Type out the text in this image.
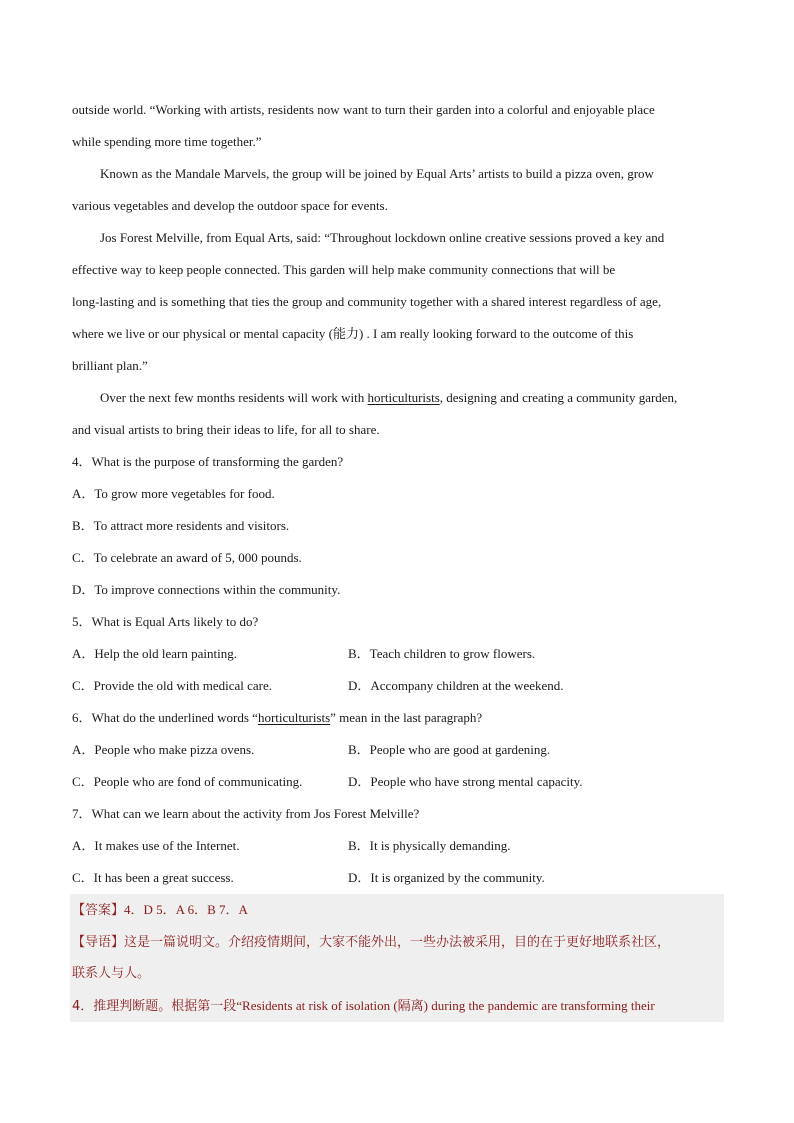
outside world. “Working with artists, residents now want to turn their garden into a colorful and enjoyable place
while spending more time together.”
Known as the Mandale Marvels, the group will be joined by Equal Arts’ artists to build a pizza oven, grow
various vegetables and develop the outdoor space for events.
Jos Forest Melville, from Equal Arts, said: “Throughout lockdown online creative sessions proved a key and
effective way to keep people connected. This garden will help make community connections that will be
long-lasting and is something that ties the group and community together with a shared interest regardless of age,
where we live or our physical or mental capacity (能力) . I am really looking forward to the outcome of this
brilliant plan.”
Over the next few months residents will work with horticulturists, designing and creating a community garden,
and visual artists to bring their ideas to life, for all to share.
4．What is the purpose of transforming the garden?
A．To grow more vegetables for food.
B．To attract more residents and visitors.
C．To celebrate an award of 5, 000 pounds.
D．To improve connections within the community.
5．What is Equal Arts likely to do?
A．Help the old learn painting.	B．Teach children to grow flowers.
C．Provide the old with medical care.	D．Accompany children at the weekend.
6．What do the underlined words “horticulturists” mean in the last paragraph?
A．People who make pizza ovens.	B．People who are good at gardening.
C．People who are fond of communicating.	D．People who have strong mental capacity.
7．What can we learn about the activity from Jos Forest Melville?
A．It makes use of the Internet.	B．It is physically demanding.
C．It has been a great success.	D．It is organized by the community.
【答案】4．D 5．A 6．B 7．A
【导语】这是一篇说明文。介绍疫情期间，大家不能外出，一些办法被采用，目的在于更好地联系社区，
联系人与人。
4．推理判断题。根据第一段“Residents at risk of isolation (隔离) during the pandemic are transforming their
